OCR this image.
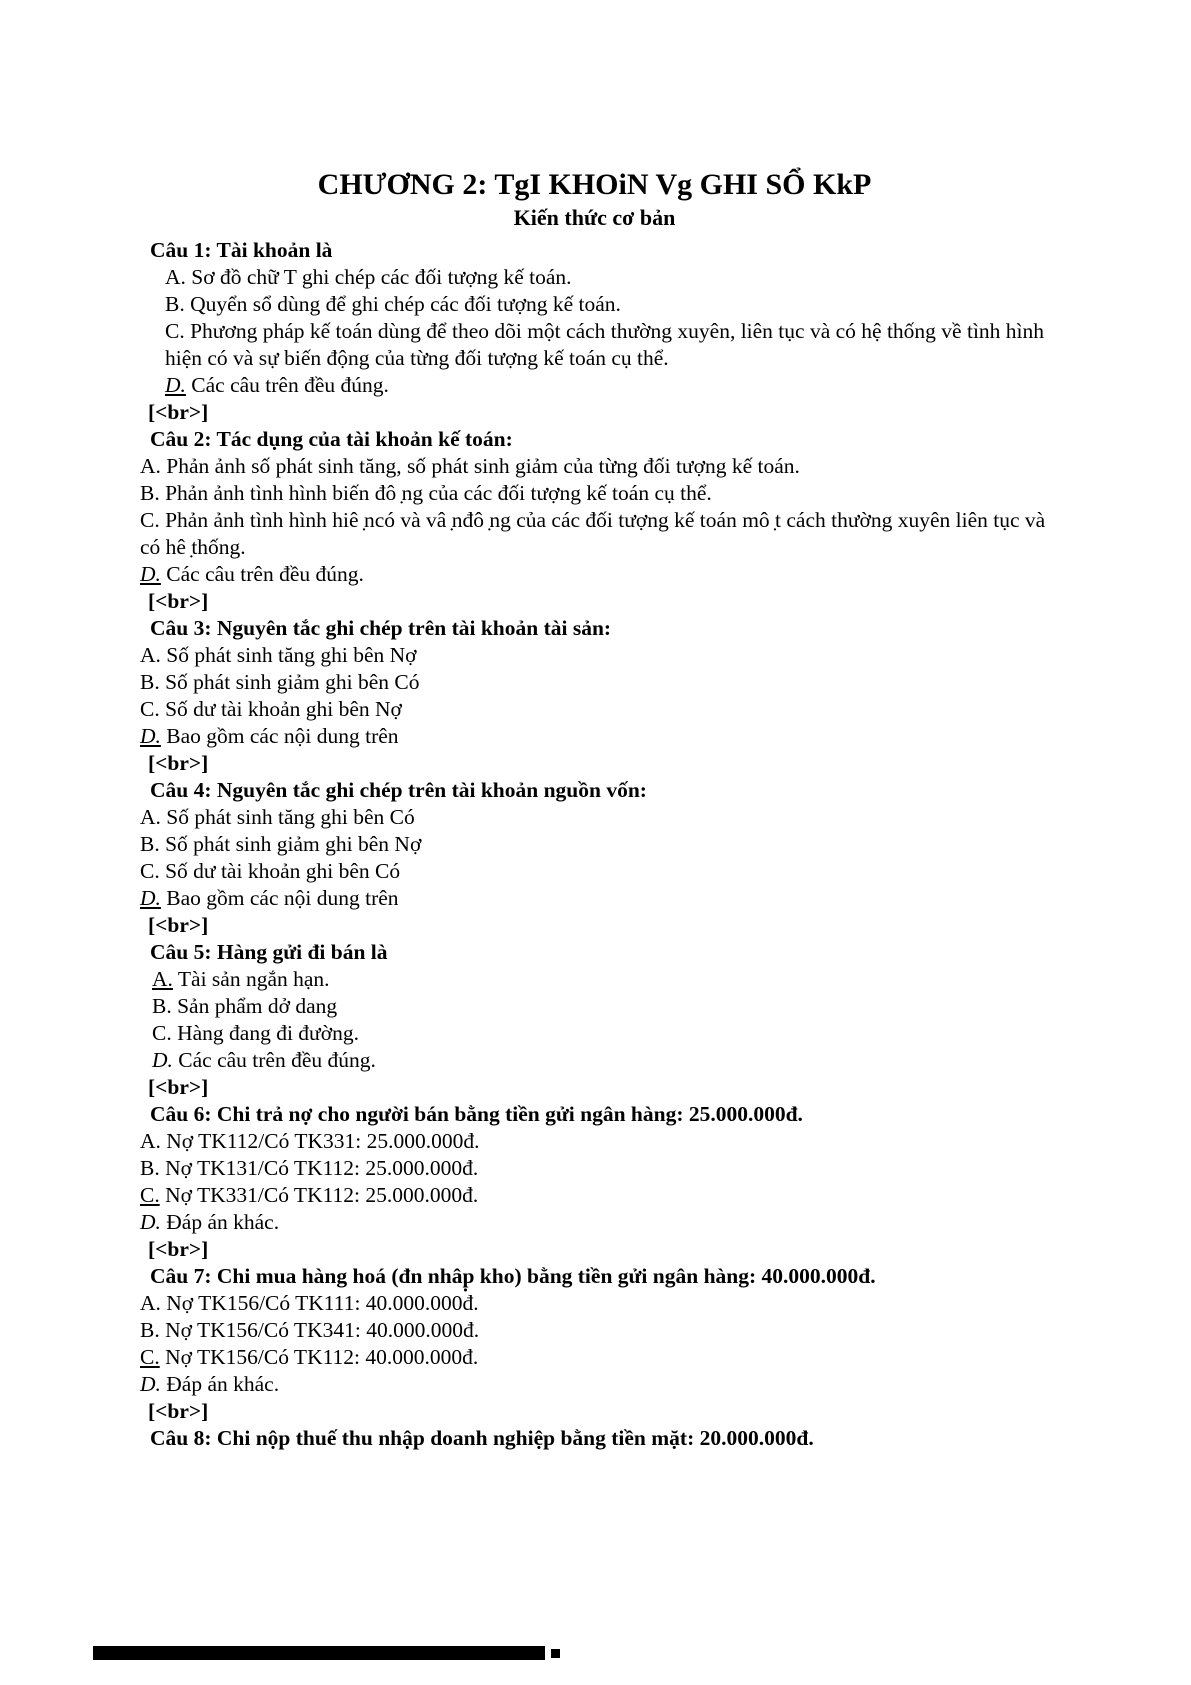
CHƯƠNG 2: TgI KHOiN Vg GHI SỔ KkP
Kiến thức cơ bản

Câu 1: Tài khoản là

A. Sơ đồ chữ T ghi chép các đối tượng kế toán.

B. Quyển sổ dùng để ghi chép các đối tượng kế toán.

C. Phương pháp kế toán dùng để theo dõi một cách thường xuyên, liên tục và có hệ thống về tình hình hiện có và sự biến động của từng đối tượng kế toán cụ thể.

D. Các câu trên đều đúng.

[<br>]

Câu 2: Tác dụng của tài khoản kế toán:

A. Phản ảnh số phát sinh tăng, số phát sinh giảm của từng đối tượng kế toán.

B. Phản ảnh tình hình biến đô ̣ng của các đối tượng kế toán cụ thể.

C. Phản ảnh tình hình hiê ̣ncó và vâ ̣nđô ̣ng của các đối tượng kế toán mô ̣t cách thường xuyên liên tục và có hê ̣thống.

D. Các câu trên đều đúng.

[<br>]

Câu 3: Nguyên tắc ghi chép trên tài khoản tài sản:

A. Số phát sinh tăng ghi bên Nợ

B. Số phát sinh giảm ghi bên Có

C. Số dư tài khoản ghi bên Nợ

D. Bao gồm các nội dung trên

[<br>]

Câu 4: Nguyên tắc ghi chép trên tài khoản nguồn vốn:

A. Số phát sinh tăng ghi bên Có

B. Số phát sinh giảm ghi bên Nợ

C. Số dư tài khoản ghi bên Có

D. Bao gồm các nội dung trên

[<br>]

Câu 5: Hàng gửi đi bán là

A. Tài sản ngắn hạn.

B. Sản phẩm dở dang

C. Hàng đang đi đường.

D. Các câu trên đều đúng.

[<br>]

Câu 6: Chi trả nợ cho người bán bằng tiền gửi ngân hàng: 25.000.000đ.

A. Nợ TK112/Có TK331: 25.000.000đ.

B. Nợ TK131/Có TK112: 25.000.000đ.

C. Nợ TK331/Có TK112: 25.000.000đ.

D. Đáp án khác.

[<br>]

Câu 7: Chi mua hàng hoá (đn nhâp̣ kho) bằng tiền gửi ngân hàng: 40.000.000đ.

A. Nợ TK156/Có TK111: 40.000.000đ.

B. Nợ TK156/Có TK341: 40.000.000đ.

C. Nợ TK156/Có TK112: 40.000.000đ.

D. Đáp án khác.

[<br>]

Câu 8: Chi nộp thuế thu nhập doanh nghiệp bằng tiền mặt: 20.000.000đ.
